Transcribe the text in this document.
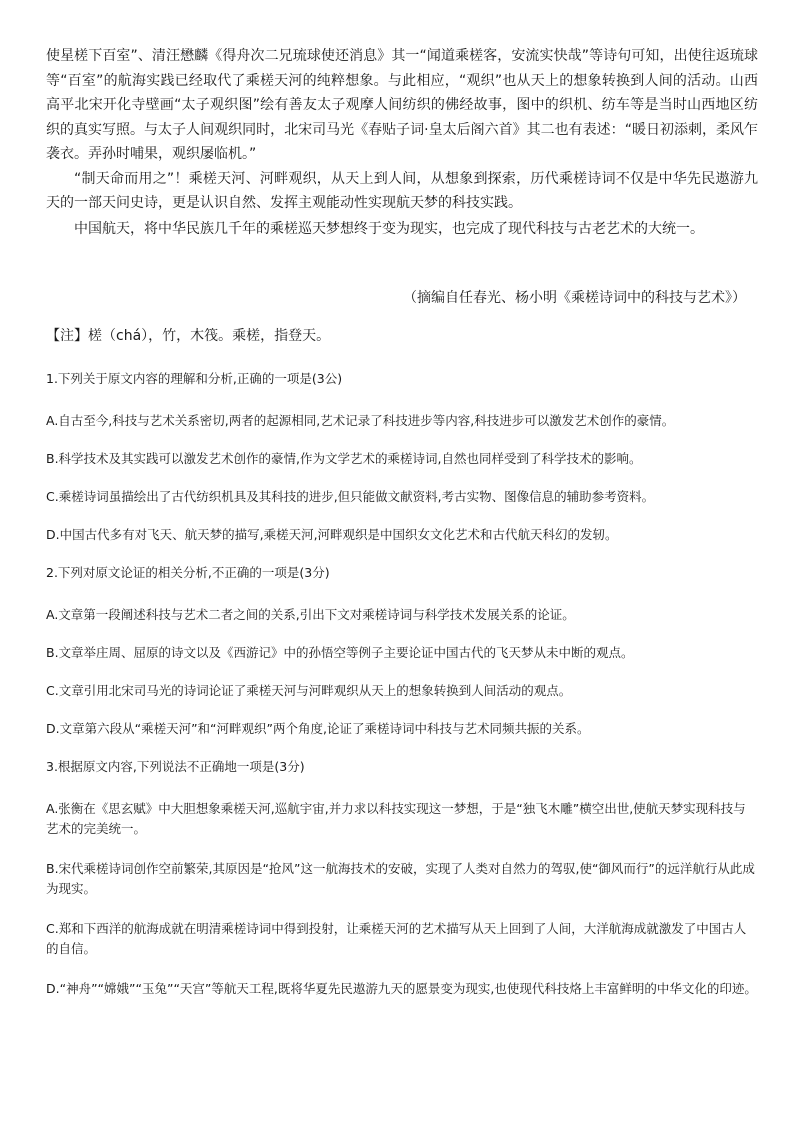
使星槎下百室”、清汪懋麟《得舟次二兄琉球使还消息》其一“闻道乘槎客，安流实快哉”等诗句可知，出使往返琉球等“百室”的航海实践已经取代了乘槎天河的纯粹想象。与此相应，“观织”也从天上的想象转换到人间的活动。山西高平北宋开化寺壁画“太子观织图”绘有善友太子观摩人间纺织的佛经故事，图中的织机、纺车等是当时山西地区纺织的真实写照。与太子人间观织同时，北宋司马光《春贴子词·皇太后阁六首》其二也有表述：“暖日初添刺，柔风乍袭衣。弄孙时哺果，观织屡临机。”

“制天命而用之”！乘槎天河、河畔观织，从天上到人间，从想象到探索，历代乘槎诗词不仅是中华先民遨游九天的一部天问史诗，更是认识自然、发挥主观能动性实现航天梦的科技实践。

中国航天，将中华民族几千年的乘槎巡天梦想终于变为现实，也完成了现代科技与古老艺术的大统一。

（摘编自任春光、杨小明《乘槎诗词中的科技与艺术》）

【注】槎（chá），竹，木筏。乘槎，指登天。

1.下列关于原文内容的理解和分析,正确的一项是(3公)

A.自古至今,科技与艺术关系密切,两者的起源相同,艺术记录了科技进步等内容,科技进步可以激发艺术创作的豪情。

B.科学技术及其实践可以激发艺术创作的豪情,作为文学艺术的乘槎诗词,自然也同样受到了科学技术的影响。

C.乘槎诗词虽描绘出了古代纺织机具及其科技的进步,但只能做文献资料,考古实物、图像信息的辅助参考资料。

D.中国古代多有对飞天、航天梦的描写,乘槎天河,河畔观织是中国织女文化艺术和古代航天科幻的发轫。

2.下列对原文论证的相关分析,不正确的一项是(3分)

A.文章第一段阐述科技与艺术二者之间的关系,引出下文对乘槎诗词与科学技术发展关系的论证。

B.文章举庄周、屈原的诗文以及《西游记》中的孙悟空等例子主要论证中国古代的飞天梦从未中断的观点。

C.文章引用北宋司马光的诗词论证了乘槎天河与河畔观织从天上的想象转换到人间活动的观点。

D.文章第六段从“乘槎天河”和“河畔观织”两个角度,论证了乘槎诗词中科技与艺术同频共振的关系。

3.根据原文内容,下列说法不正确地一项是(3分)

A.张衡在《思玄赋》中大胆想象乘槎天河,巡航宇宙,并力求以科技实现这一梦想，于是“独飞木雕”横空出世,使航天梦实现科技与艺术的完美统一。

B.宋代乘槎诗词创作空前繁荣,其原因是“抢风”这一航海技术的安破，实现了人类对自然力的驾驭,使“御风而行”的远洋航行从此成为现实。

C.郑和下西洋的航海成就在明清乘槎诗词中得到投射，让乘槎天河的艺术描写从天上回到了人间，大洋航海成就激发了中国古人的自信。

D.“神舟”“嫦娥”“玉兔”“天宫”等航天工程,既将华夏先民遨游九天的愿景变为现实,也使现代科技烙上丰富鲜明的中华文化的印迹。
